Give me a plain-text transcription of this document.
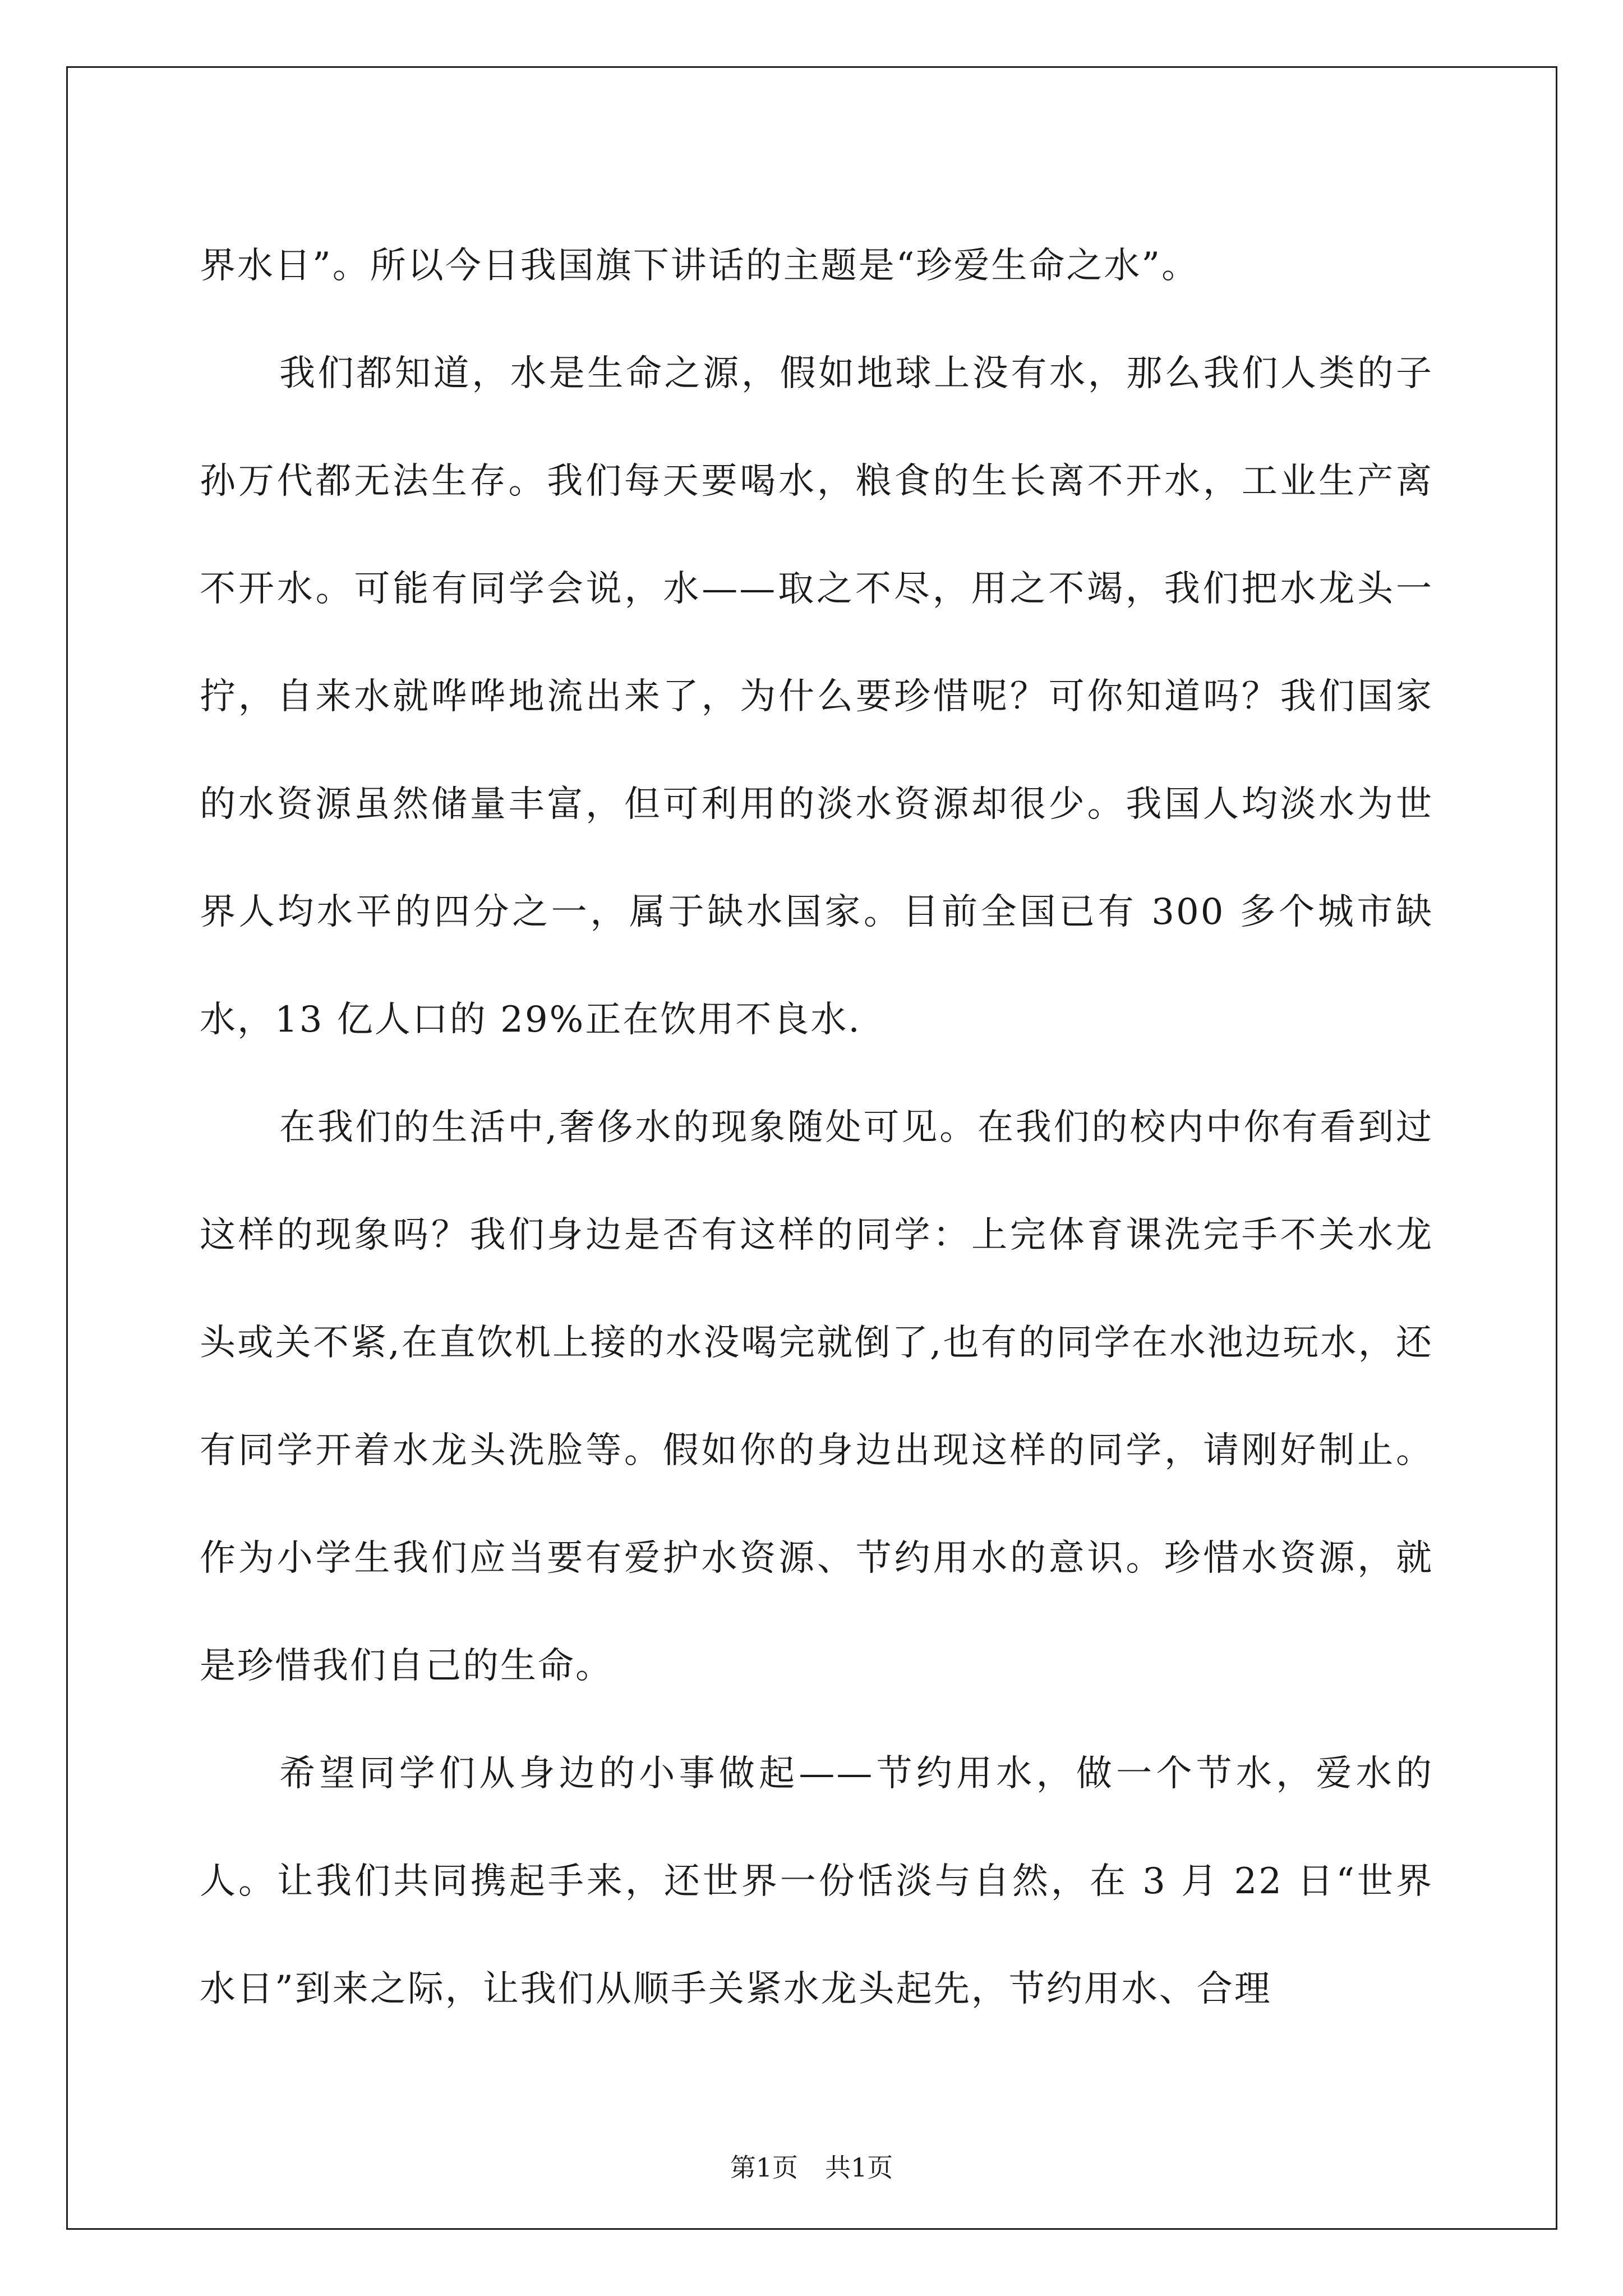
界水日”。所以今日我国旗下讲话的主题是“珍爱生命之水”。

我们都知道，水是生命之源，假如地球上没有水，那么我们人类的子孙万代都无法生存。我们每天要喝水，粮食的生长离不开水，工业生产离不开水。可能有同学会说，水——取之不尽，用之不竭，我们把水龙头一拧，自来水就哗哗地流出来了，为什么要珍惜呢？可你知道吗？我们国家的水资源虽然储量丰富，但可利用的淡水资源却很少。我国人均淡水为世界人均水平的四分之一，属于缺水国家。目前全国已有 300 多个城市缺水，13 亿人口的 29%正在饮用不良水.

在我们的生活中,奢侈水的现象随处可见。在我们的校内中你有看到过这样的现象吗？我们身边是否有这样的同学：上完体育课洗完手不关水龙头或关不紧,在直饮机上接的水没喝完就倒了,也有的同学在水池边玩水，还有同学开着水龙头洗脸等。假如你的身边出现这样的同学，请刚好制止。作为小学生我们应当要有爱护水资源、节约用水的意识。珍惜水资源，就是珍惜我们自己的生命。

希望同学们从身边的小事做起——节约用水，做一个节水，爱水的人。让我们共同携起手来，还世界一份恬淡与自然，在 3 月 22 日“世界水日”到来之际，让我们从顺手关紧水龙头起先，节约用水、合理

第1页 共1页
